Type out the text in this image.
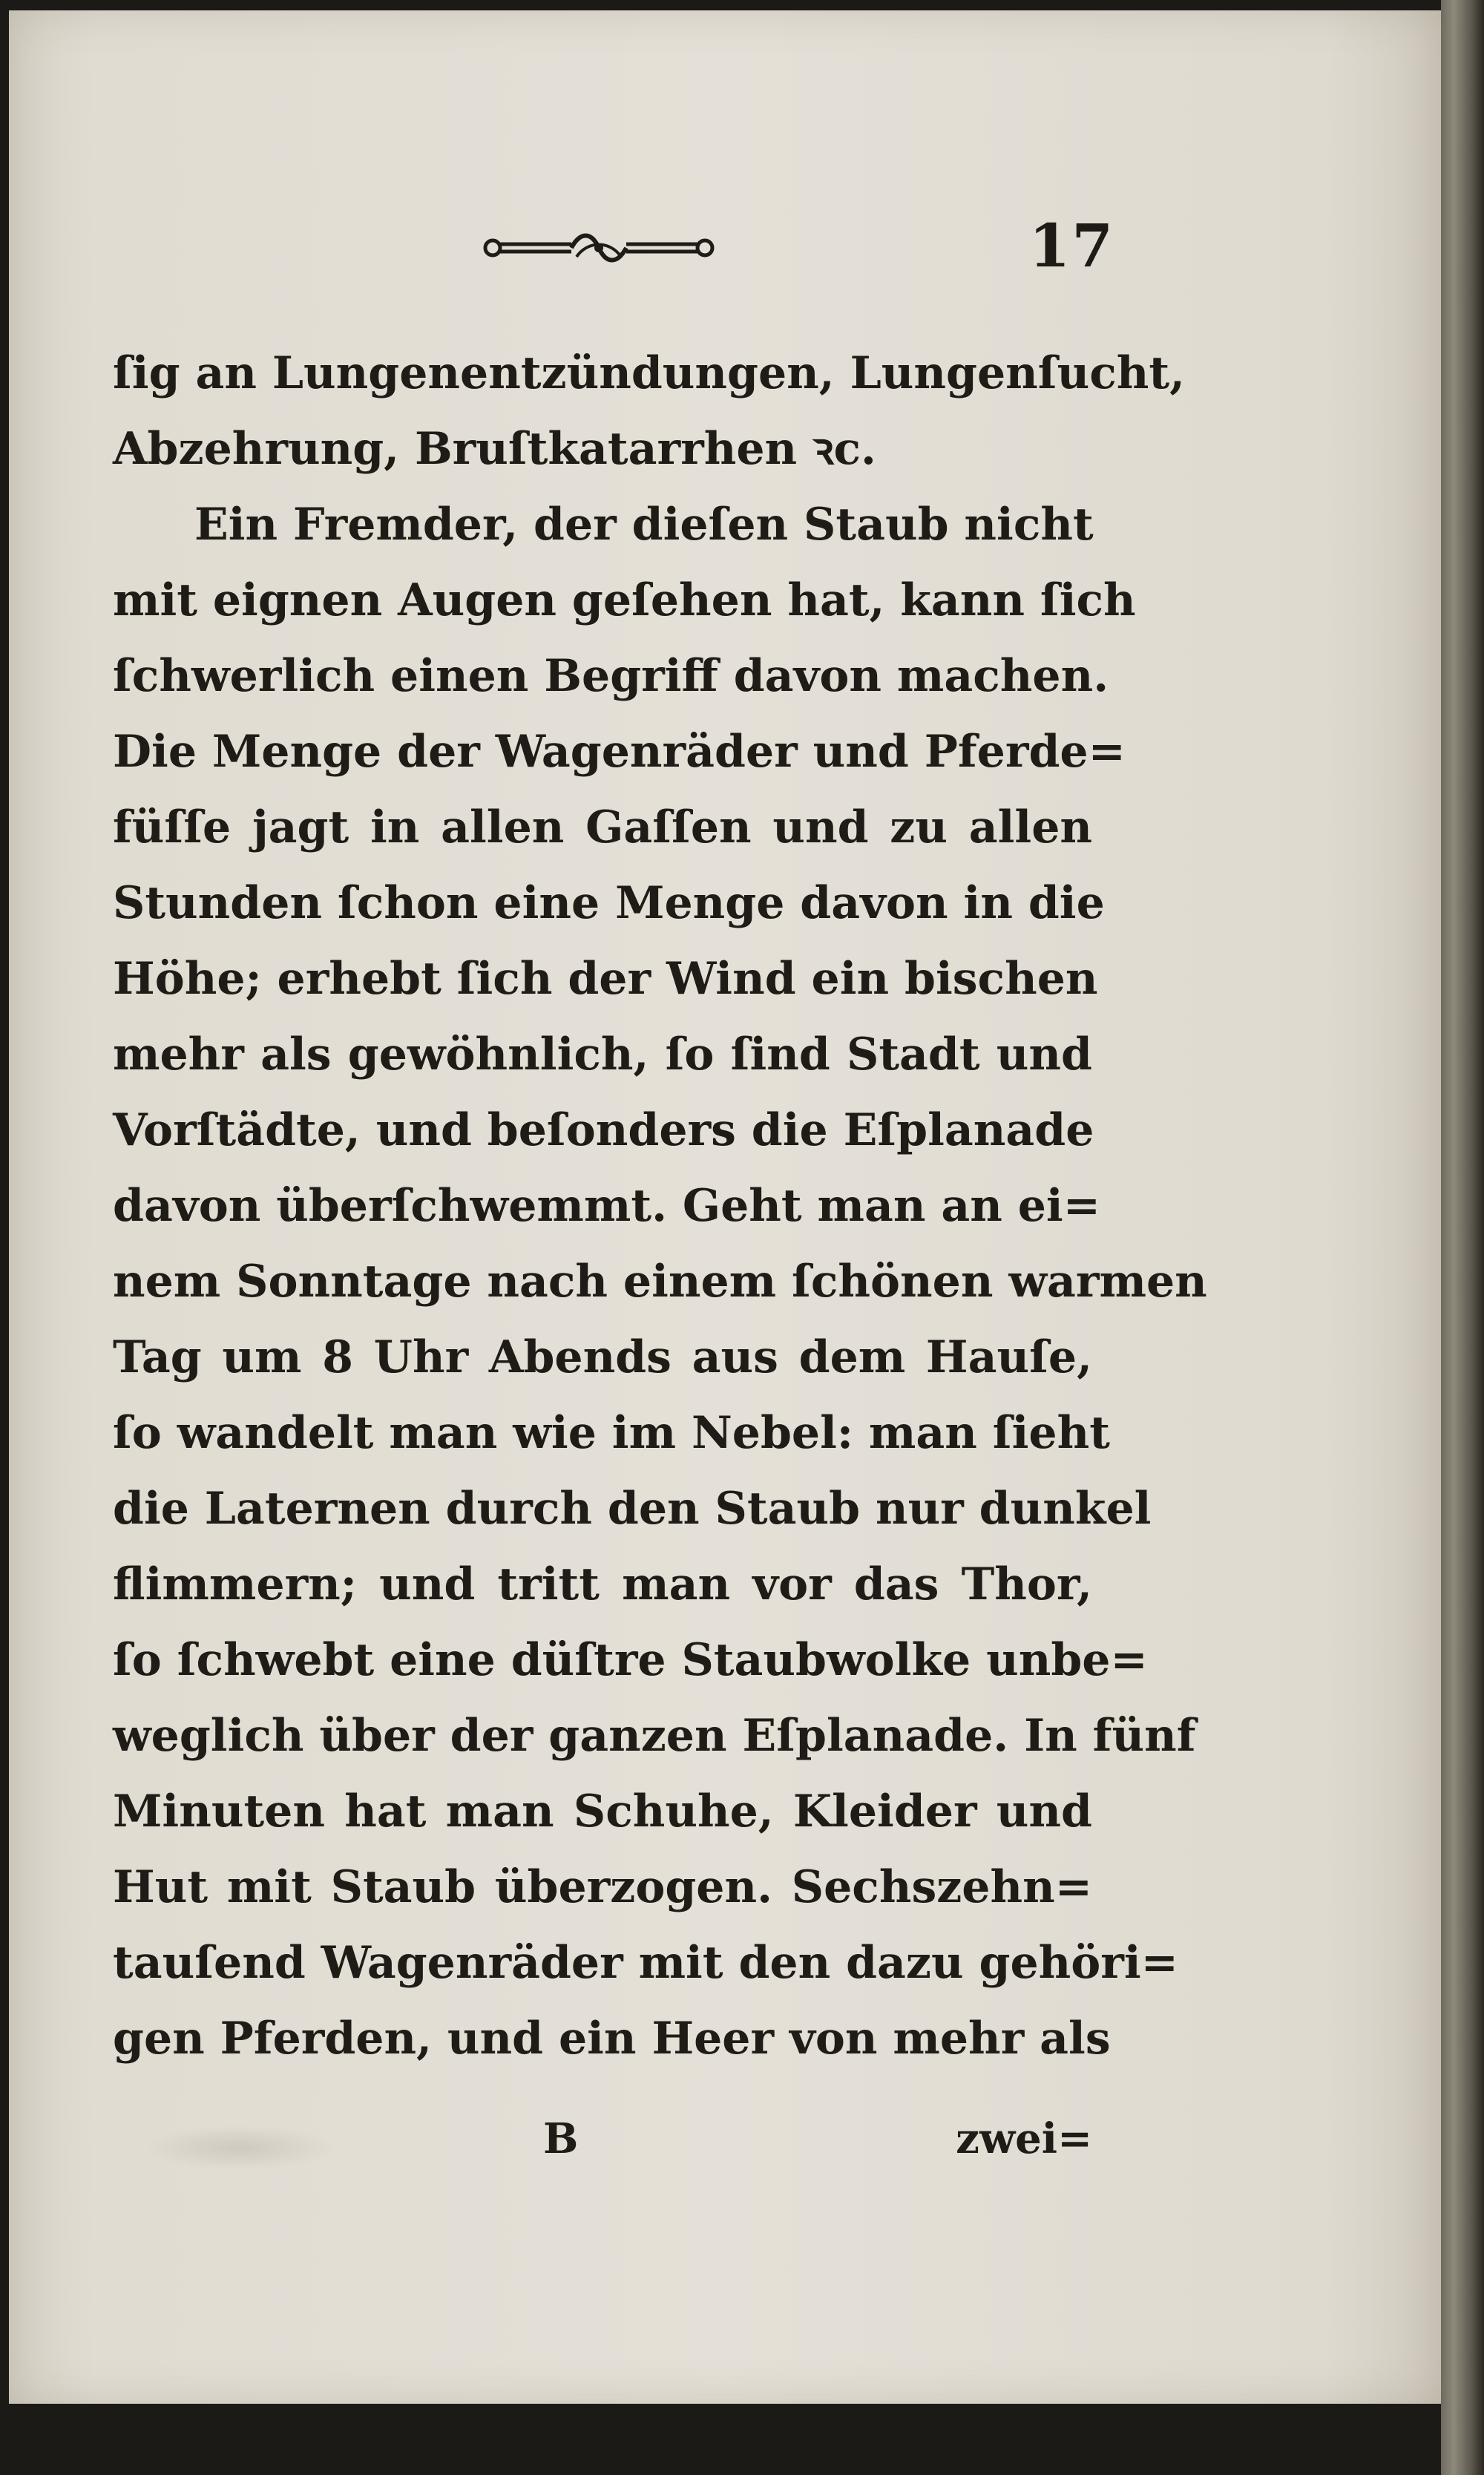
17
ſig an Lungenentzündungen, Lungenſucht,
Abzehrung, Bruſtkatarrhen ꝛc.
Ein Fremder, der dieſen Staub nicht
mit eignen Augen geſehen hat, kann ſich
ſchwerlich einen Begriff davon machen.
Die Menge der Wagenräder und Pferde=
füſſe jagt in allen Gaſſen und zu allen
Stunden ſchon eine Menge davon in die
Höhe; erhebt ſich der Wind ein bischen
mehr als gewöhnlich, ſo ſind Stadt und
Vorſtädte, und beſonders die Eſplanade
davon überſchwemmt. Geht man an ei=
nem Sonntage nach einem ſchönen warmen
Tag um 8 Uhr Abends aus dem Hauſe,
ſo wandelt man wie im Nebel: man ſieht
die Laternen durch den Staub nur dunkel
flimmern; und tritt man vor das Thor,
ſo ſchwebt eine düſtre Staubwolke unbe=
weglich über der ganzen Eſplanade. In fünf
Minuten hat man Schuhe, Kleider und
Hut mit Staub überzogen. Sechszehn=
tauſend Wagenräder mit den dazu gehöri=
gen Pferden, und ein Heer von mehr als
B	zwei=
